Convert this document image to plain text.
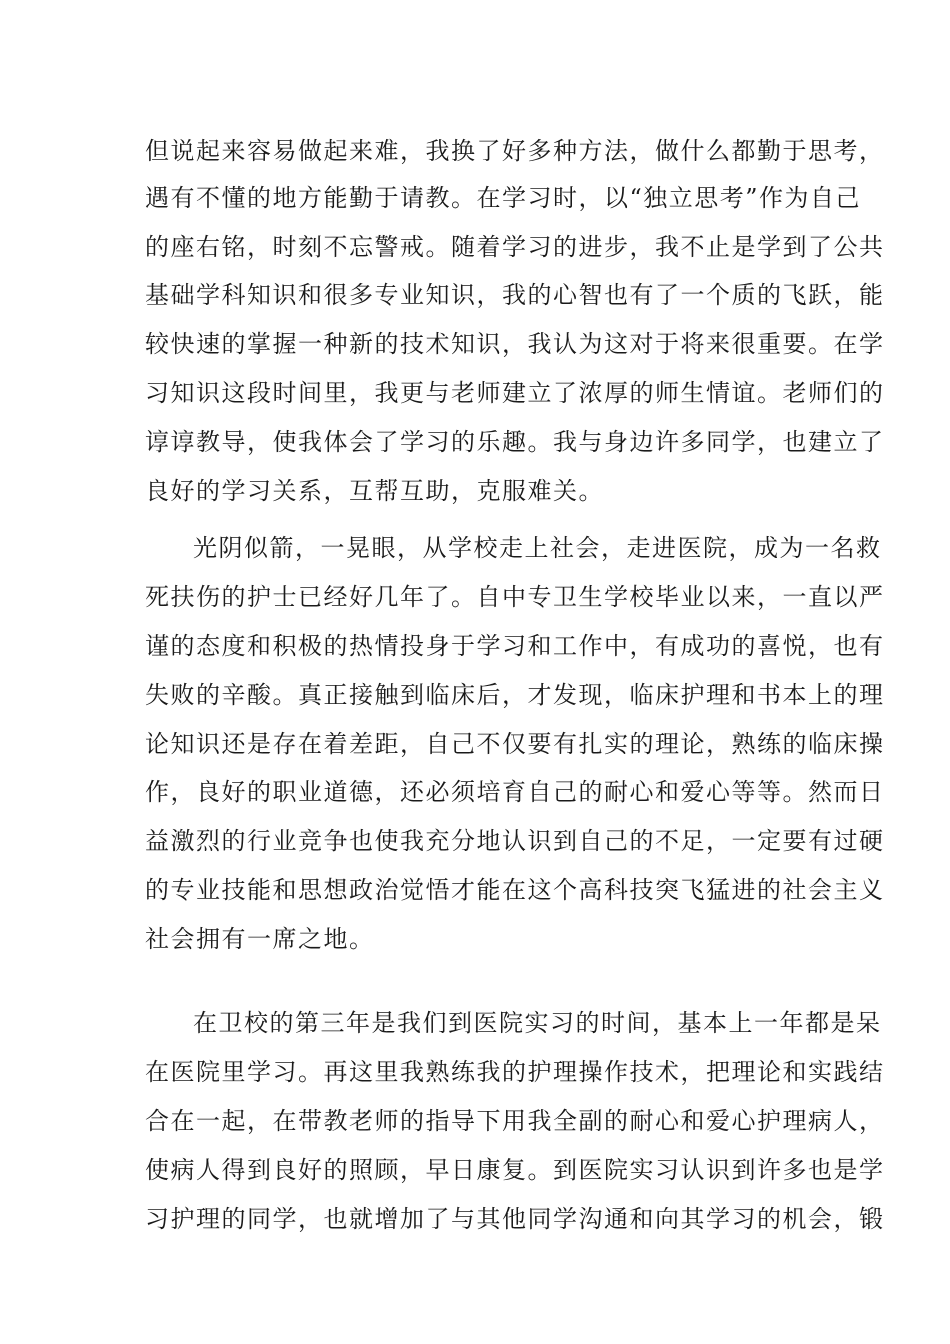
但说起来容易做起来难，我换了好多种方法，做什么都勤于思考，
遇有不懂的地方能勤于请教。在学习时，以“独立思考”作为自己
的座右铭，时刻不忘警戒。随着学习的进步，我不止是学到了公共
基础学科知识和很多专业知识，我的心智也有了一个质的飞跃，能
较快速的掌握一种新的技术知识，我认为这对于将来很重要。在学
习知识这段时间里，我更与老师建立了浓厚的师生情谊。老师们的
谆谆教导，使我体会了学习的乐趣。我与身边许多同学，也建立了
良好的学习关系，互帮互助，克服难关。
光阴似箭，一晃眼，从学校走上社会，走进医院，成为一名救
死扶伤的护士已经好几年了。自中专卫生学校毕业以来，一直以严
谨的态度和积极的热情投身于学习和工作中，有成功的喜悦，也有
失败的辛酸。真正接触到临床后，才发现，临床护理和书本上的理
论知识还是存在着差距，自己不仅要有扎实的理论，熟练的临床操
作，良好的职业道德，还必须培育自己的耐心和爱心等等。然而日
益激烈的行业竞争也使我充分地认识到自己的不足，一定要有过硬
的专业技能和思想政治觉悟才能在这个高科技突飞猛进的社会主义
社会拥有一席之地。
在卫校的第三年是我们到医院实习的时间，基本上一年都是呆
在医院里学习。再这里我熟练我的护理操作技术，把理论和实践结
合在一起，在带教老师的指导下用我全副的耐心和爱心护理病人，
使病人得到良好的照顾，早日康复。到医院实习认识到许多也是学
习护理的同学，也就增加了与其他同学沟通和向其学习的机会，锻
